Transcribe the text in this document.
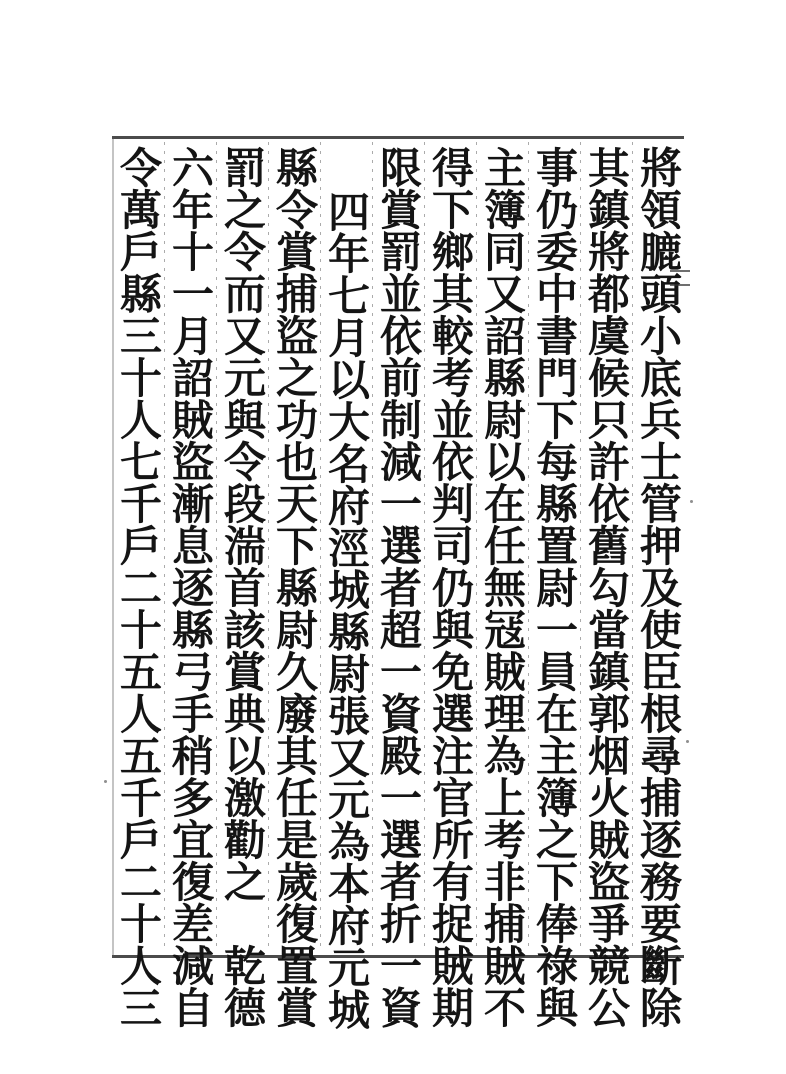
將領膔頭小底兵士管押及使臣根尋捕逐務要斷除
其鎮將都虞候只許依舊勾當鎮郭烟火賊盜爭競公
事仍委中書門下每縣置尉一員在主簿之下俸祿與
主簿同又詔縣尉以在任無冦賊理為上考非捕賊不
得下鄉其較考並依判司仍與免選注官所有捉賊期
限賞罰並依前制減一選者超一資殿一選者折一資
四年七月以大名府涇城縣尉張又元為本府元城
縣令賞捕盜之功也天下縣尉久廢其任是歲復置賞
罰之令而又元與令段湍首該賞典以激勸之　乾德
六年十一月詔賊盜漸息逐縣弓手稍多宜復差減自
令萬戶縣三十人七千戶二十五人五千戶二十人三
